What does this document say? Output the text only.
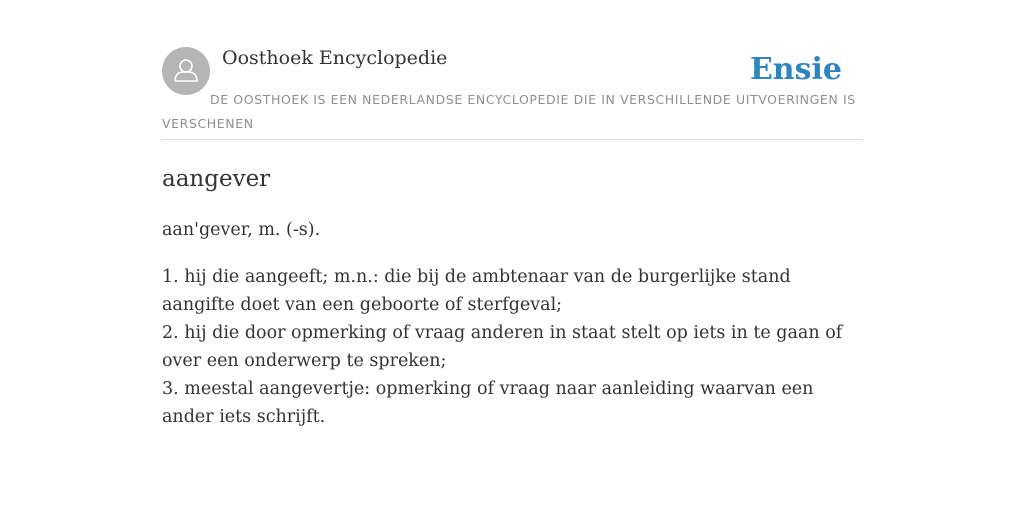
Oosthoek Encyclopedie	Ensie
DE OOSTHOEK IS EEN NEDERLANDSE ENCYCLOPEDIE DIE IN VERSCHILLENDE UITVOERINGEN IS VERSCHENEN
aangever

aan'gever, m. (-s).

1. hij die aangeeft; m.n.: die bij de ambtenaar van de burgerlijke stand aangifte doet van een geboorte of sterfgeval;

2. hij die door opmerking of vraag anderen in staat stelt op iets in te gaan of over een onderwerp te spreken;

3. meestal aangevertje: opmerking of vraag naar aanleiding waarvan een ander iets schrijft.
